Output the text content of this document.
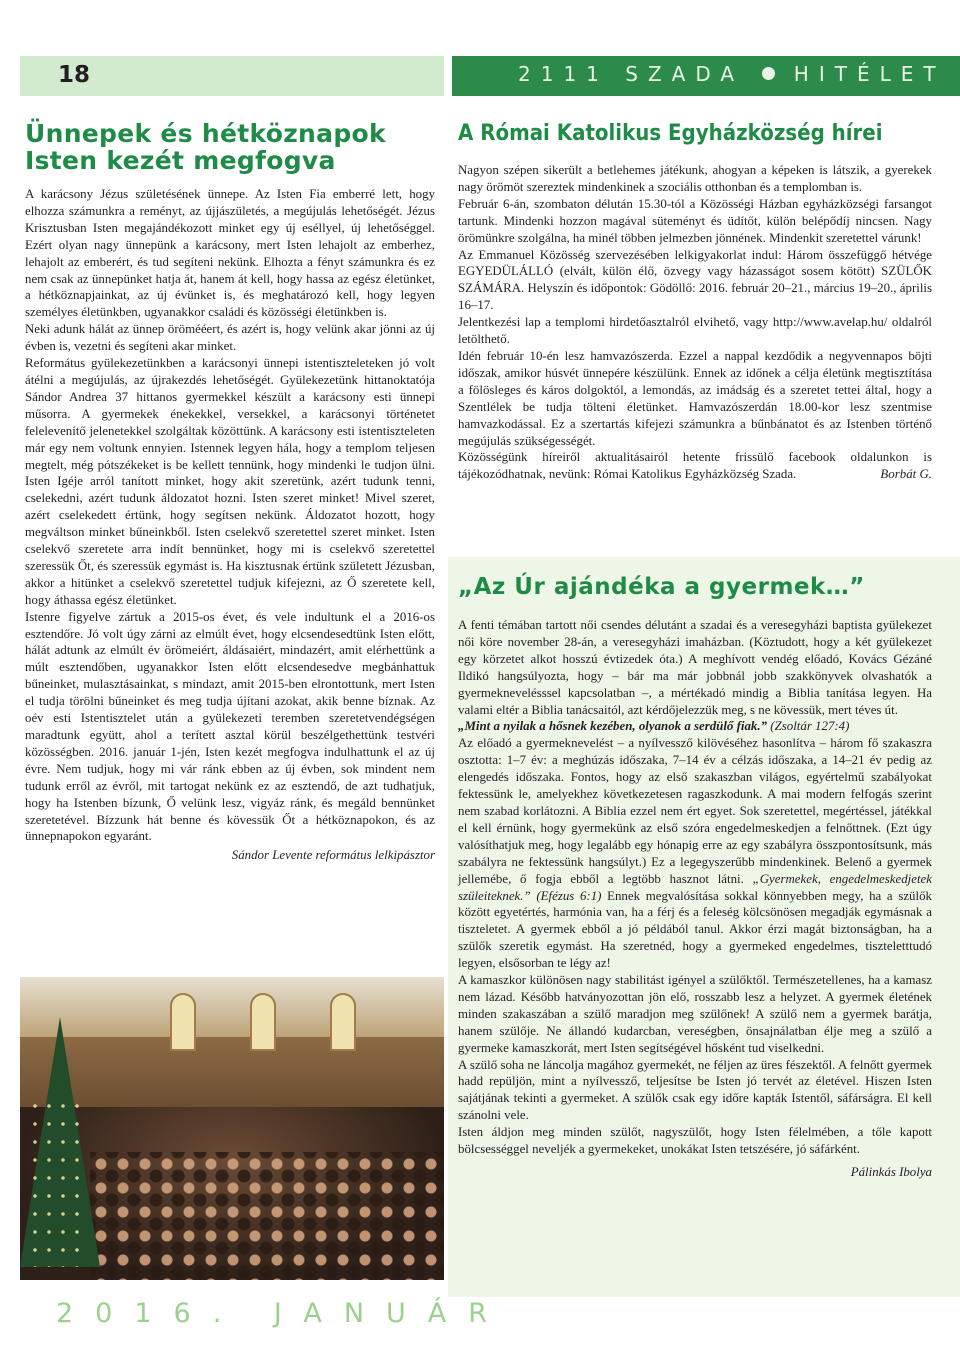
18	2111 SZADA HITÉLET
Ünnepek és hétköznapok
Isten kezét megfogva

A karácsony Jézus születésének ünnepe. Az Isten Fia emberré lett, hogy elhozza számunkra a reményt, az újjászületés, a megújulás lehetőségét. Jézus Krisztusban Isten megajándékozott minket egy új eséllyel, új lehetőséggel. Ezért olyan nagy ünnepünk a karácsony, mert Isten lehajolt az emberhez, lehajolt az emberért, és tud segíteni nekünk. Elhozta a fényt számunkra és ez nem csak az ünnepünket hatja át, hanem át kell, hogy hassa az egész életünket, a hétköznapjainkat, az új évünket is, és meghatározó kell, hogy legyen személyes életünkben, ugyanakkor családi és közösségi életünkben is.

Neki adunk hálát az ünnep örömééert, és azért is, hogy velünk akar jönni az új évben is, vezetni és segíteni akar minket.

Református gyülekezetünkben a karácsonyi ünnepi istentiszteleteken jó volt átélni a megújulás, az újrakezdés lehetőségét. Gyülekezetünk hittanoktatója Sándor Andrea 37 hittanos gyermekkel készült a karácsony esti ünnepi műsorra. A gyermekek énekekkel, versekkel, a karácsonyi történetet felelevenítő jelenetekkel szolgáltak közöttünk. A karácsony esti istentiszteleten már egy nem voltunk ennyien. Istennek legyen hála, hogy a templom teljesen megtelt, még pótszékeket is be kellett tennünk, hogy mindenki le tudjon ülni. Isten Igéje arról tanított minket, hogy akit szeretünk, azért tudunk tenni, cselekedni, azért tudunk áldozatot hozni. Isten szeret minket! Mivel szeret, azért cselekedett értünk, hogy segítsen nekünk. Áldozatot hozott, hogy megváltson minket bűneinkből. Isten cselekvő szeretettel szeret minket. Isten cselekvő szeretete arra indít bennünket, hogy mi is cselekvő szeretettel szeressük Őt, és szeressük egymást is. Ha kisztusnak értünk született Jézusban, akkor a hitünket a cselekvő szeretettel tudjuk kifejezni, az Ő szeretete kell, hogy áthassa egész életünket.

Istenre figyelve zártuk a 2015-os évet, és vele indultunk el a 2016-os esztendőre. Jó volt úgy zárni az elmúlt évet, hogy elcsendesedtünk Isten előtt, hálát adtunk az elmúlt év örömeiért, áldásaiért, mindazért, amit elérhettünk a múlt esztendőben, ugyanakkor Isten előtt elcsendesedve megbánhattuk bűneinket, mulasztásainkat, s mindazt, amit 2015-ben elrontottunk, mert Isten el tudja törölni bűneinket és meg tudja újítani azokat, akik benne bíznak. Az oév esti Istentisztelet után a gyülekezeti teremben szeretetvendégségen maradtunk együtt, ahol a terített asztal körül beszélgethettünk testvéri közösségben. 2016. január 1-jén, Isten kezét megfogva indulhattunk el az új évre. Nem tudjuk, hogy mi vár ránk ebben az új évben, sok mindent nem tudunk erről az évről, mit tartogat nekünk ez az esztendő, de azt tudhatjuk, hogy ha Istenben bízunk, Ő velünk lesz, vigyáz ránk, és megáld bennünket szeretetével. Bízzunk hát benne és kövessük Őt a hétköznapokon, és az ünnepnapokon egyaránt.

Sándor Levente református lelkipásztor

2016. JANUÁR
A Római Katolikus Egyházközség hírei

Nagyon szépen sikerült a betlehemes játékunk, ahogyan a képeken is látszik, a gyerekek nagy örömöt szereztek mindenkinek a szociális otthonban és a templomban is.

Február 6-án, szombaton délután 15.30-tól a Közösségi Házban egyházközségi farsangot tartunk. Mindenki hozzon magával süteményt és üdítőt, külön belépődíj nincsen. Nagy örömünkre szolgálna, ha minél többen jelmezben jönnének. Mindenkit szeretettel várunk!

Az Emmanuel Közösség szervezésében lelkigyakorlat indul: Három összefüggő hétvége EGYEDÜLÁLLÓ (elvált, külön élő, özvegy vagy házasságot sosem kötött) SZÜLŐK SZÁMÁRA. Helyszín és időpontok: Gödöllő: 2016. február 20–21., március 19–20., április 16–17.

Jelentkezési lap a templomi hirdetőasztalról elvihető, vagy http://www.avelap.hu/ oldalról letölthető.

Idén február 10-én lesz hamvazószerda. Ezzel a nappal kezdődik a negyvennapos böjti időszak, amikor húsvét ünnepére készülünk. Ennek az időnek a célja életünk megtisztítása a fölösleges és káros dolgoktól, a lemondás, az imádság és a szeretet tettei által, hogy a Szentlélek be tudja tölteni életünket. Hamvazószerdán 18.00-kor lesz szentmise hamvazkodással. Ez a szertartás kifejezi számunkra a bűnbánatot és az Istenben történő megújulás szükségességét.

Közösségünk híreiről aktualitásairól hetente frissülő facebook oldalunkon is tájékozódhatnak, nevünk: Római Katolikus Egyházközség Szada.	Borbát G.

„Az Úr ajándéka a gyermek…”

A fenti témában tartott női csendes délutánt a szadai és a veresegyházi baptista gyülekezet női köre november 28-án, a veresegyházi imaházban. (Köztudott, hogy a két gyülekezet egy körzetet alkot hosszú évtizedek óta.) A meghívott vendég előadó, Kovács Gézáné Ildikó hangsúlyozta, hogy – bár ma már jobbnál jobb szakkönyvek olvashatók a gyermeknevelésssel kapcsolatban –, a mértékadó mindig a Biblia tanítása legyen. Ha valami eltér a Biblia tanácsaitól, azt kérdőjelezzük meg, s ne kövessük, mert téves út.

„Mint a nyilak a hősnek kezében, olyanok a serdülő fiak.” (Zsoltár 127:4)

Az előadó a gyermeknevelést – a nyílvessző kilövéséhez hasonlítva – három fő szakaszra osztotta: 1–7 év: a meghúzás időszaka, 7–14 év a célzás időszaka, a 14–21 év pedig az elengedés időszaka. Fontos, hogy az első szakaszban világos, egyértelmű szabályokat fektessünk le, amelyekhez következetesen ragaszkodunk. A mai modern felfogás szerint nem szabad korlátozni. A Biblia ezzel nem ért egyet. Sok szeretettel, megértéssel, játékkal el kell érnünk, hogy gyermekünk az első szóra engedelmeskedjen a felnőttnek. (Ezt úgy valósíthatjuk meg, hogy legalább egy hónapig erre az egy szabályra összpontosítsunk, más szabályra ne fektessünk hangsúlyt.) Ez a legegyszerűbb mindenkinek. Belenő a gyermek jellemébe, ő fogja ebből a legtöbb hasznot látni. „Gyermekek, engedelmeskedjetek szüleiteknek.” (Efézus 6:1) Ennek megvalósítása sokkal könnyebben megy, ha a szülők között egyetértés, harmónia van, ha a férj és a feleség kölcsönösen megadják egymásnak a tiszteletet. A gyermek ebből a jó példából tanul. Akkor érzi magát biztonságban, ha a szülők szeretik egymást. Ha szeretnéd, hogy a gyermeked engedelmes, tiszteletttudó legyen, elsősorban te légy az!

A kamaszkor különösen nagy stabilitást igényel a szülőktől. Természetellenes, ha a kamasz nem lázad. Később hatványozottan jön elő, rosszabb lesz a helyzet. A gyermek életének minden szakaszában a szülő maradjon meg szülőnek! A szülő nem a gyermek barátja, hanem szülője. Ne állandó kudarcban, vereségben, önsajnálatban élje meg a szülő a gyermeke kamaszkorát, mert Isten segítségével hősként tud viselkedni.

A szülő soha ne láncolja magához gyermekét, ne féljen az üres fészektől. A felnőtt gyermek hadd repüljön, mint a nyílvessző, teljesítse be Isten jó tervét az életével. Hiszen Isten sajátjának tekinti a gyermeket. A szülők csak egy időre kapták Istentől, sáfárságra. El kell szánolni vele.

Isten áldjon meg minden szülőt, nagyszülőt, hogy Isten félelmében, a tőle kapott bölcsességgel neveljék a gyermekeket, unokákat Isten tetszésére, jó sáfárként.

Pálinkás Ibolya
